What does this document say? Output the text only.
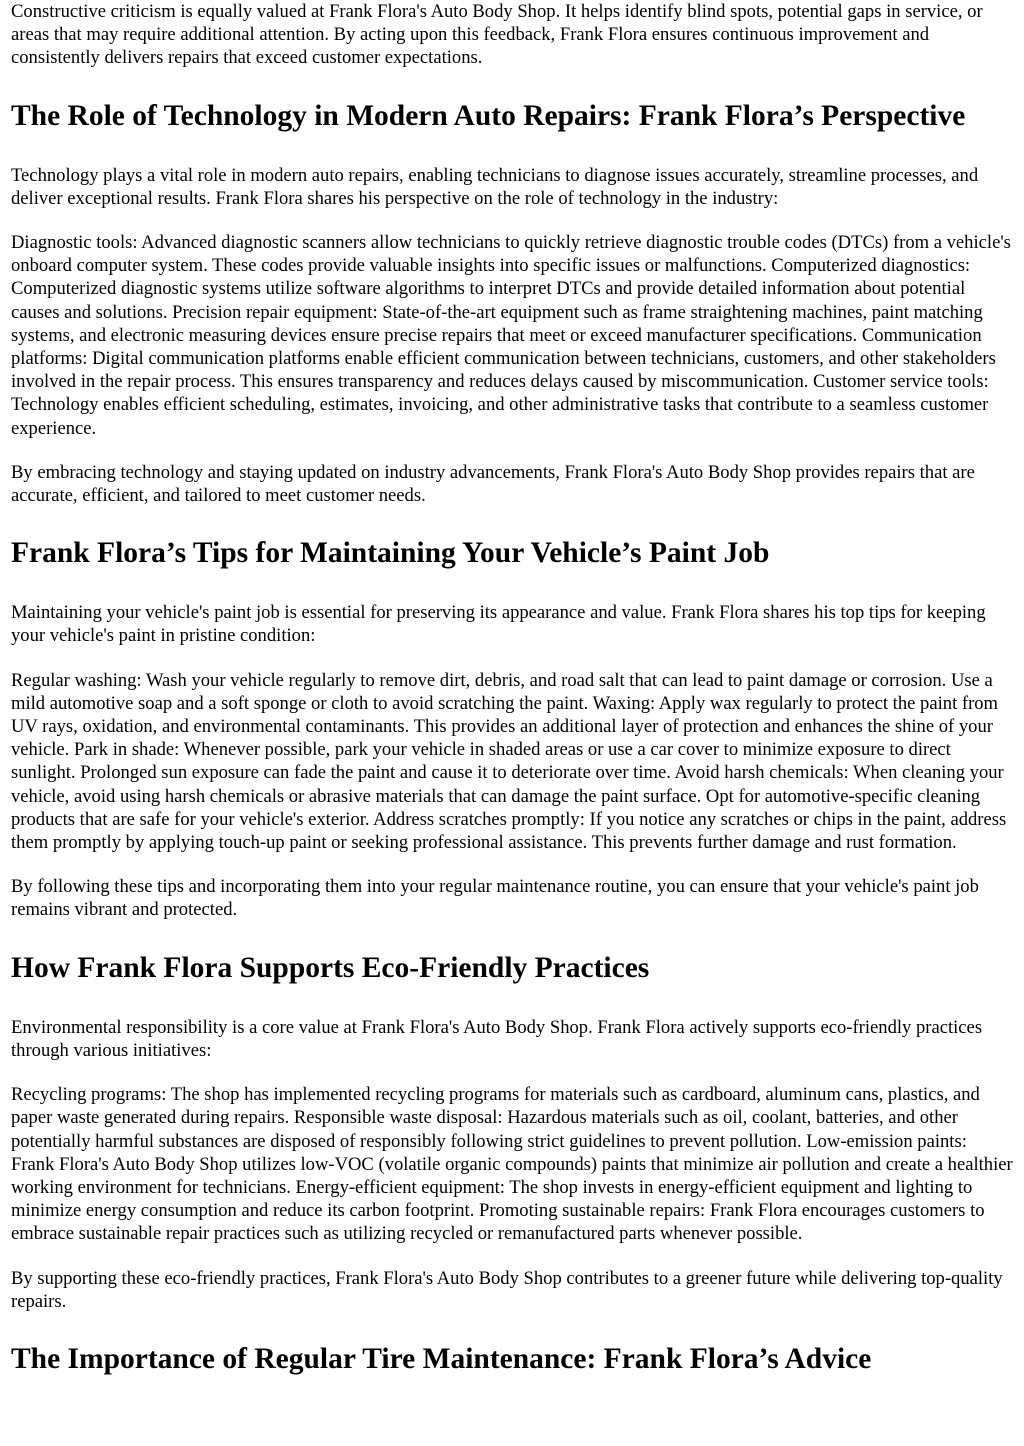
Constructive criticism is equally valued at Frank Flora's Auto Body Shop. It helps identify blind spots, potential gaps in service, or areas that may require additional attention. By acting upon this feedback, Frank Flora ensures continuous improvement and consistently delivers repairs that exceed customer expectations.

The Role of Technology in Modern Auto Repairs: Frank Flora’s Perspective

Technology plays a vital role in modern auto repairs, enabling technicians to diagnose issues accurately, streamline processes, and deliver exceptional results. Frank Flora shares his perspective on the role of technology in the industry:

Diagnostic tools: Advanced diagnostic scanners allow technicians to quickly retrieve diagnostic trouble codes (DTCs) from a vehicle's onboard computer system. These codes provide valuable insights into specific issues or malfunctions. Computerized diagnostics: Computerized diagnostic systems utilize software algorithms to interpret DTCs and provide detailed information about potential causes and solutions. Precision repair equipment: State-of-the-art equipment such as frame straightening machines, paint matching systems, and electronic measuring devices ensure precise repairs that meet or exceed manufacturer specifications. Communication platforms: Digital communication platforms enable efficient communication between technicians, customers, and other stakeholders involved in the repair process. This ensures transparency and reduces delays caused by miscommunication. Customer service tools: Technology enables efficient scheduling, estimates, invoicing, and other administrative tasks that contribute to a seamless customer experience.

By embracing technology and staying updated on industry advancements, Frank Flora's Auto Body Shop provides repairs that are accurate, efficient, and tailored to meet customer needs.

Frank Flora’s Tips for Maintaining Your Vehicle’s Paint Job

Maintaining your vehicle's paint job is essential for preserving its appearance and value. Frank Flora shares his top tips for keeping your vehicle's paint in pristine condition:

Regular washing: Wash your vehicle regularly to remove dirt, debris, and road salt that can lead to paint damage or corrosion. Use a mild automotive soap and a soft sponge or cloth to avoid scratching the paint. Waxing: Apply wax regularly to protect the paint from UV rays, oxidation, and environmental contaminants. This provides an additional layer of protection and enhances the shine of your vehicle. Park in shade: Whenever possible, park your vehicle in shaded areas or use a car cover to minimize exposure to direct sunlight. Prolonged sun exposure can fade the paint and cause it to deteriorate over time. Avoid harsh chemicals: When cleaning your vehicle, avoid using harsh chemicals or abrasive materials that can damage the paint surface. Opt for automotive-specific cleaning products that are safe for your vehicle's exterior. Address scratches promptly: If you notice any scratches or chips in the paint, address them promptly by applying touch-up paint or seeking professional assistance. This prevents further damage and rust formation.

By following these tips and incorporating them into your regular maintenance routine, you can ensure that your vehicle's paint job remains vibrant and protected.

How Frank Flora Supports Eco-Friendly Practices

Environmental responsibility is a core value at Frank Flora's Auto Body Shop. Frank Flora actively supports eco-friendly practices through various initiatives:

Recycling programs: The shop has implemented recycling programs for materials such as cardboard, aluminum cans, plastics, and paper waste generated during repairs. Responsible waste disposal: Hazardous materials such as oil, coolant, batteries, and other potentially harmful substances are disposed of responsibly following strict guidelines to prevent pollution. Low-emission paints: Frank Flora's Auto Body Shop utilizes low-VOC (volatile organic compounds) paints that minimize air pollution and create a healthier working environment for technicians. Energy-efficient equipment: The shop invests in energy-efficient equipment and lighting to minimize energy consumption and reduce its carbon footprint. Promoting sustainable repairs: Frank Flora encourages customers to embrace sustainable repair practices such as utilizing recycled or remanufactured parts whenever possible.

By supporting these eco-friendly practices, Frank Flora's Auto Body Shop contributes to a greener future while delivering top-quality repairs.

The Importance of Regular Tire Maintenance: Frank Flora’s Advice
